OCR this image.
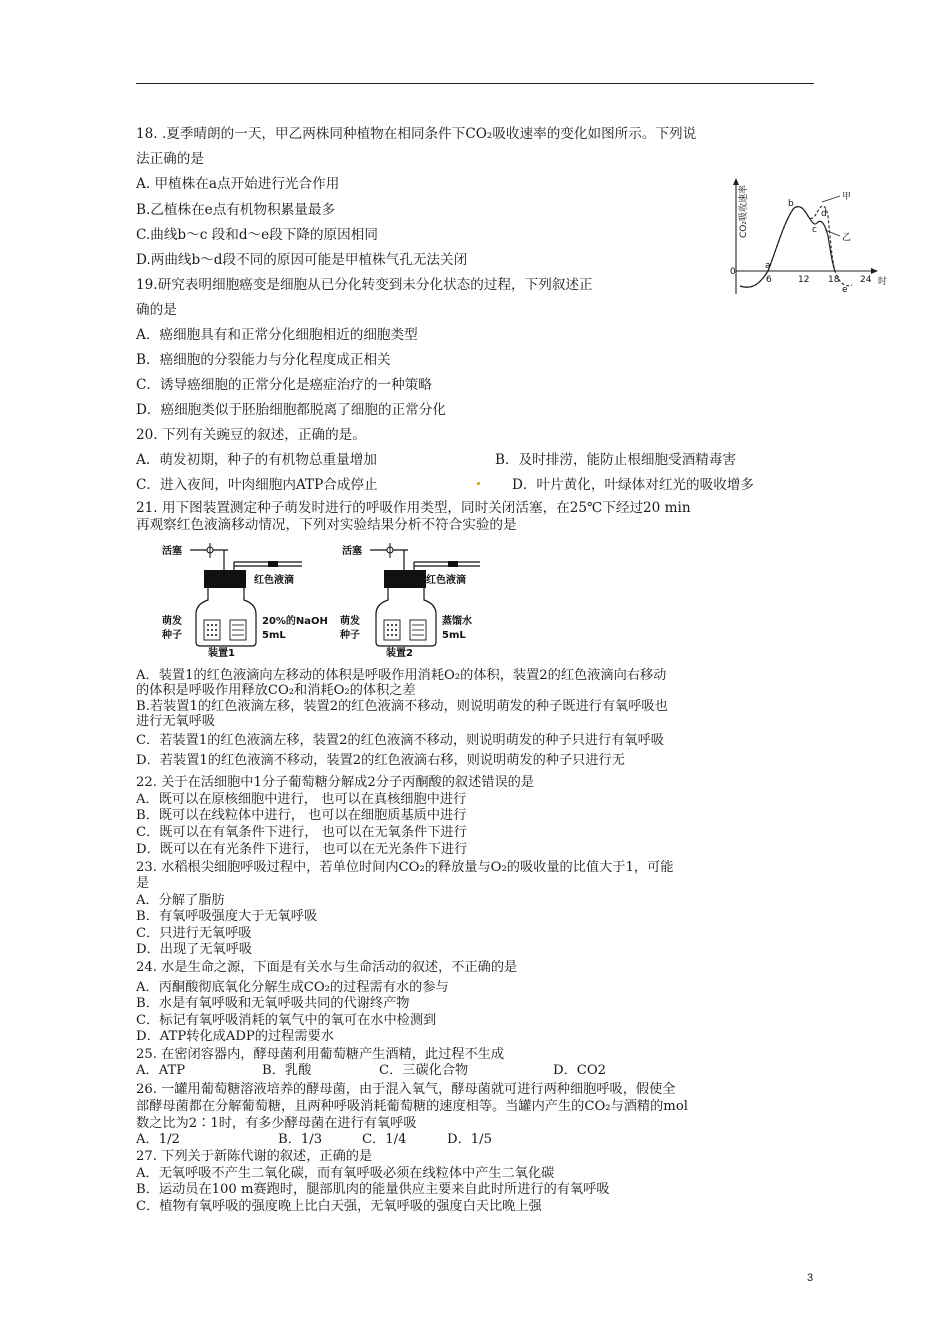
18. .夏季晴朗的一天，甲乙两株同种植物在相同条件下CO₂吸收速率的变化如图所示。下列说
法正确的是
A. 甲植株在a点开始进行光合作用
B.乙植株在e点有机物积累量最多
C.曲线b～c 段和d～e段下降的原因相同
D.两曲线b～d段不同的原因可能是甲植株气孔无法关闭
CO₂吸收速率
0
6	12 18 24 时
甲
乙
a
b
c
d
e
19.研究表明细胞癌变是细胞从已分化转变到未分化状态的过程，下列叙述正
确的是
A．癌细胞具有和正常分化细胞相近的细胞类型
B．癌细胞的分裂能力与分化程度成正相关
C．诱导癌细胞的正常分化是癌症治疗的一种策略
D．癌细胞类似于胚胎细胞都脱离了细胞的正常分化
20. 下列有关豌豆的叙述，正确的是。
A．萌发初期，种子的有机物总重量增加	B．及时排涝，能防止根细胞受酒精毒害
C．进入夜间，叶肉细胞内ATP合成停止	D．叶片黄化，叶绿体对红光的吸收增多
21. 用下图装置测定种子萌发时进行的呼吸作用类型，同时关闭活塞，在25℃下经过20 min
再观察红色液滴移动情况，下列对实验结果分析不符合实验的是
活塞
红色液滴
萌发
种子
20%的NaOH
5mL
装置1
活塞
红色液滴
萌发
种子
蒸馏水
5mL
装置2
A．装置1的红色液滴向左移动的体积是呼吸作用消耗O₂的体积，装置2的红色液滴向右移动
的体积是呼吸作用释放CO₂和消耗O₂的体积之差
B.若装置1的红色液滴左移，装置2的红色液滴不移动，则说明萌发的种子既进行有氧呼吸也
进行无氧呼吸
C．若装置1的红色液滴左移，装置2的红色液滴不移动，则说明萌发的种子只进行有氧呼吸
D．若装置1的红色液滴不移动，装置2的红色液滴右移，则说明萌发的种子只进行无
22. 关于在活细胞中1分子葡萄糖分解成2分子丙酮酸的叙述错误的是
A．既可以在原核细胞中进行， 也可以在真核细胞中进行
B．既可以在线粒体中进行， 也可以在细胞质基质中进行
C．既可以在有氧条件下进行， 也可以在无氧条件下进行
D．既可以在有光条件下进行， 也可以在无光条件下进行
23. 水稻根尖细胞呼吸过程中，若单位时间内CO₂的释放量与O₂的吸收量的比值大于1，可能
是
A．分解了脂肪
B．有氧呼吸强度大于无氧呼吸
C．只进行无氧呼吸
D．出现了无氧呼吸
24. 水是生命之源，下面是有关水与生命活动的叙述，不正确的是
A．丙酮酸彻底氧化分解生成CO₂的过程需有水的参与
B．水是有氧呼吸和无氧呼吸共同的代谢终产物
C．标记有氧呼吸消耗的氧气中的氧可在水中检测到
D．ATP转化成ADP的过程需要水
25. 在密闭容器内，酵母菌利用葡萄糖产生酒精，此过程不生成
A．ATP	B．乳酸	C．三碳化合物	D．CO2
26. 一罐用葡萄糖溶液培养的酵母菌，由于混入氧气，酵母菌就可进行两种细胞呼吸，假使全
部酵母菌都在分解葡萄糖，且两种呼吸消耗葡萄糖的速度相等。当罐内产生的CO₂与酒精的mol
数之比为2∶1时，有多少酵母菌在进行有氧呼吸
A．1/2	B．1/3	C．1/4	D．1/5
27. 下列关于新陈代谢的叙述，正确的是
A．无氧呼吸不产生二氧化碳，而有氧呼吸必须在线粒体中产生二氧化碳
B．运动员在100 m赛跑时，腿部肌肉的能量供应主要来自此时所进行的有氧呼吸
C．植物有氧呼吸的强度晚上比白天强，无氧呼吸的强度白天比晚上强
3
